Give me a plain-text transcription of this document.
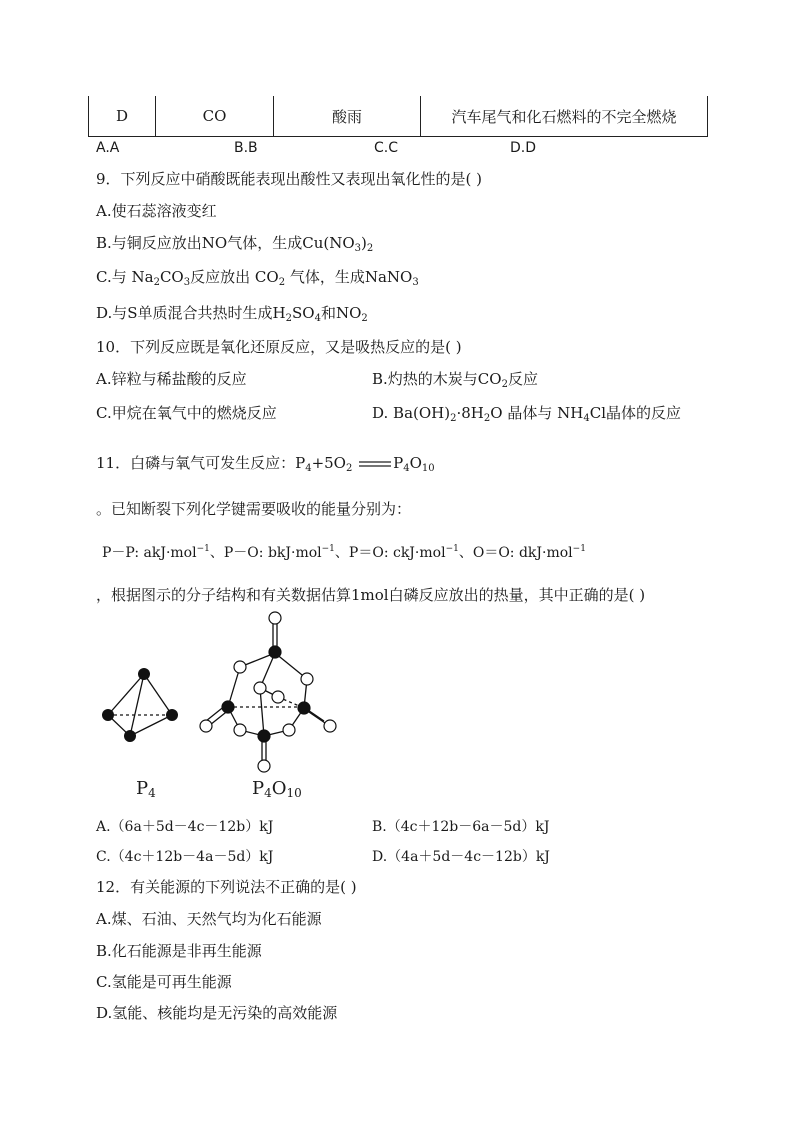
D	CO	酸雨	汽车尾气和化石燃料的不完全燃烧
A.A	B.B	C.C	D.D
9．下列反应中硝酸既能表现出酸性又表现出氧化性的是( )
A.使石蕊溶液变红
B.与铜反应放出NO气体，生成$Cu(NO_3)_2$
C.与 $Na_2CO_3$反应放出 $CO_2$ 气体，生成NaNO$_3$
D.与S单质混合共热时生成$H_2SO_4$和$NO_2$
10．下列反应既是氧化还原反应，又是吸热反应的是( )
A.锌粒与稀盐酸的反应	B.灼热的木炭与$CO_2$反应
C.甲烷在氧气中的燃烧反应	D. $Ba(OH)_2\cdot 8H_2O$ 晶体与 $NH_4Cl$晶体的反应
11．白磷与氧气可发生反应：$P_4+5O_2$	$P_4O_{10}$
。已知断裂下列化学键需要吸收的能量分别为：
P－P: akJ·mol$^{-1}$、P－O: bkJ·mol$^{-1}$、P＝O: ckJ·mol$^{-1}$、O＝O: dkJ·mol$^{-1}$
，根据图示的分子结构和有关数据估算1mol白磷反应放出的热量，其中正确的是( )
$P_4$	$P_4O_{10}$
A.（6a＋5d－4c－12b）kJ	B.（4c＋12b－6a－5d）kJ
C.（4c＋12b－4a－5d）kJ	D.（4a＋5d－4c－12b）kJ
12．有关能源的下列说法不正确的是( )
A.煤、石油、天然气均为化石能源
B.化石能源是非再生能源
C.氢能是可再生能源
D.氢能、核能均是无污染的高效能源
